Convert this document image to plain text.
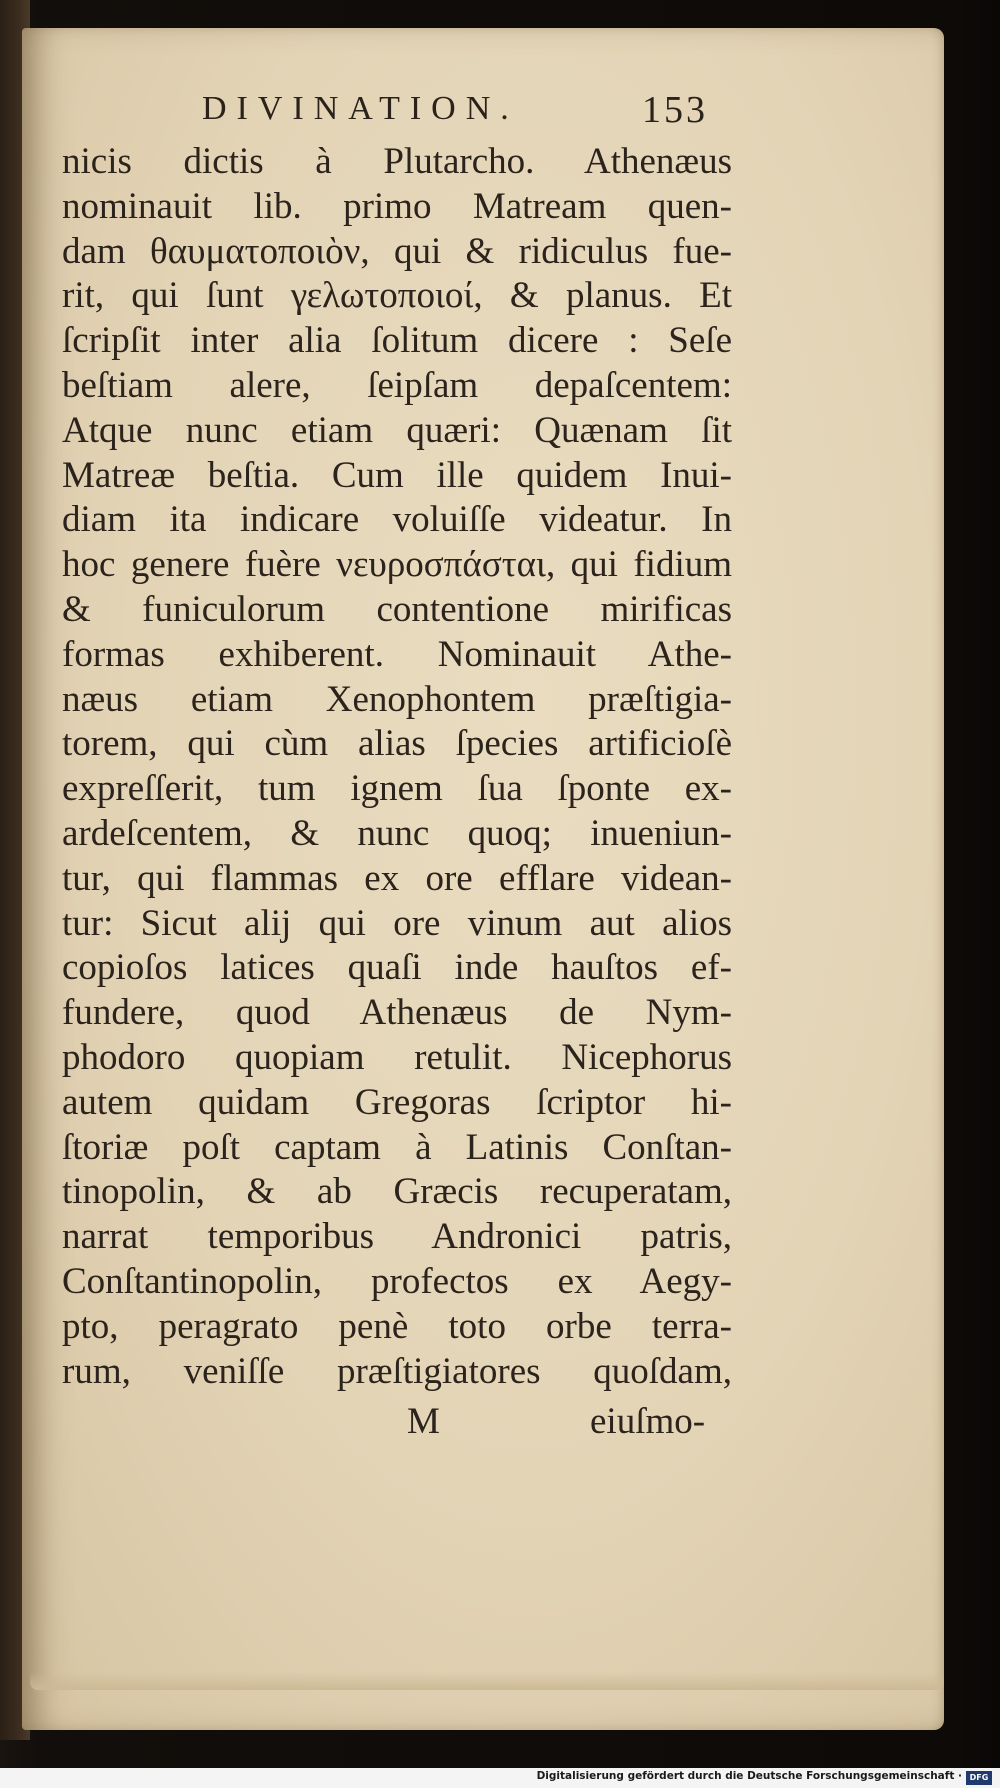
DIVINATION.	153
nicis dictis à Plutarcho. Athenæus
nominauit lib. primo Matream quen-
dam θαυματοποιὸν, qui & ridiculus fue-
rit, qui ſunt γελωτοποιοί, & planus. Et
ſcripſit inter alia ſolitum dicere : Seſe
beſtiam alere, ſeipſam depaſcentem:
Atque nunc etiam quæri: Quænam ſit
Matreæ beſtia. Cum ille quidem Inui-
diam ita indicare voluiſſe videatur. In
hoc genere fuère νευροσπάσται, qui fidium
& funiculorum contentione mirificas
formas exhiberent. Nominauit Athe-
næus etiam Xenophontem præſtigia-
torem, qui cùm alias ſpecies artificioſè
expreſſerit, tum ignem ſua ſponte ex-
ardeſcentem, & nunc quoq; inueniun-
tur, qui flammas ex ore efflare videan-
tur: Sicut alij qui ore vinum aut alios
copioſos latices quaſi inde hauſtos ef-
fundere, quod Athenæus de Nym-
phodoro quopiam retulit. Nicephorus
autem quidam Gregoras ſcriptor hi-
ſtoriæ poſt captam à Latinis Conſtan-
tinopolin, & ab Græcis recuperatam,
narrat temporibus Andronici patris,
Conſtantinopolin, profectos ex Aegy-
pto, peragrato penè toto orbe terra-
rum, veniſſe præſtigiatores quoſdam,
M	eiuſmo-
Digitalisierung gefördert durch die Deutsche Forschungsgemeinschaft · DFG
